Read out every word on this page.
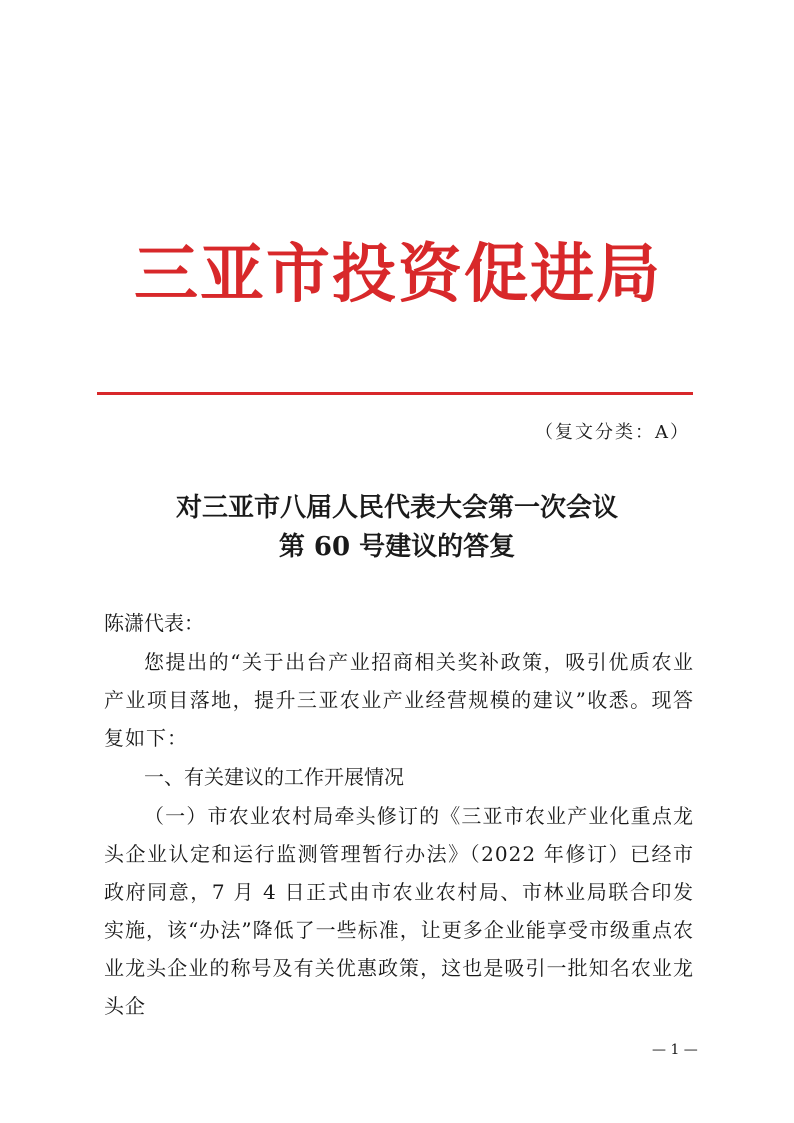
三亚市投资促进局
（复文分类：A）
对三亚市八届人民代表大会第一次会议
第 60 号建议的答复
陈潇代表：
您提出的“关于出台产业招商相关奖补政策，吸引优质农业产业项目落地，提升三亚农业产业经营规模的建议”收悉。现答复如下：
一、有关建议的工作开展情况
（一）市农业农村局牵头修订的《三亚市农业产业化重点龙头企业认定和运行监测管理暂行办法》（2022 年修订）已经市政府同意，7 月 4 日正式由市农业农村局、市林业局联合印发实施，该“办法”降低了一些标准，让更多企业能享受市级重点农业龙头企业的称号及有关优惠政策，这也是吸引一批知名农业龙头企
— 1 —
